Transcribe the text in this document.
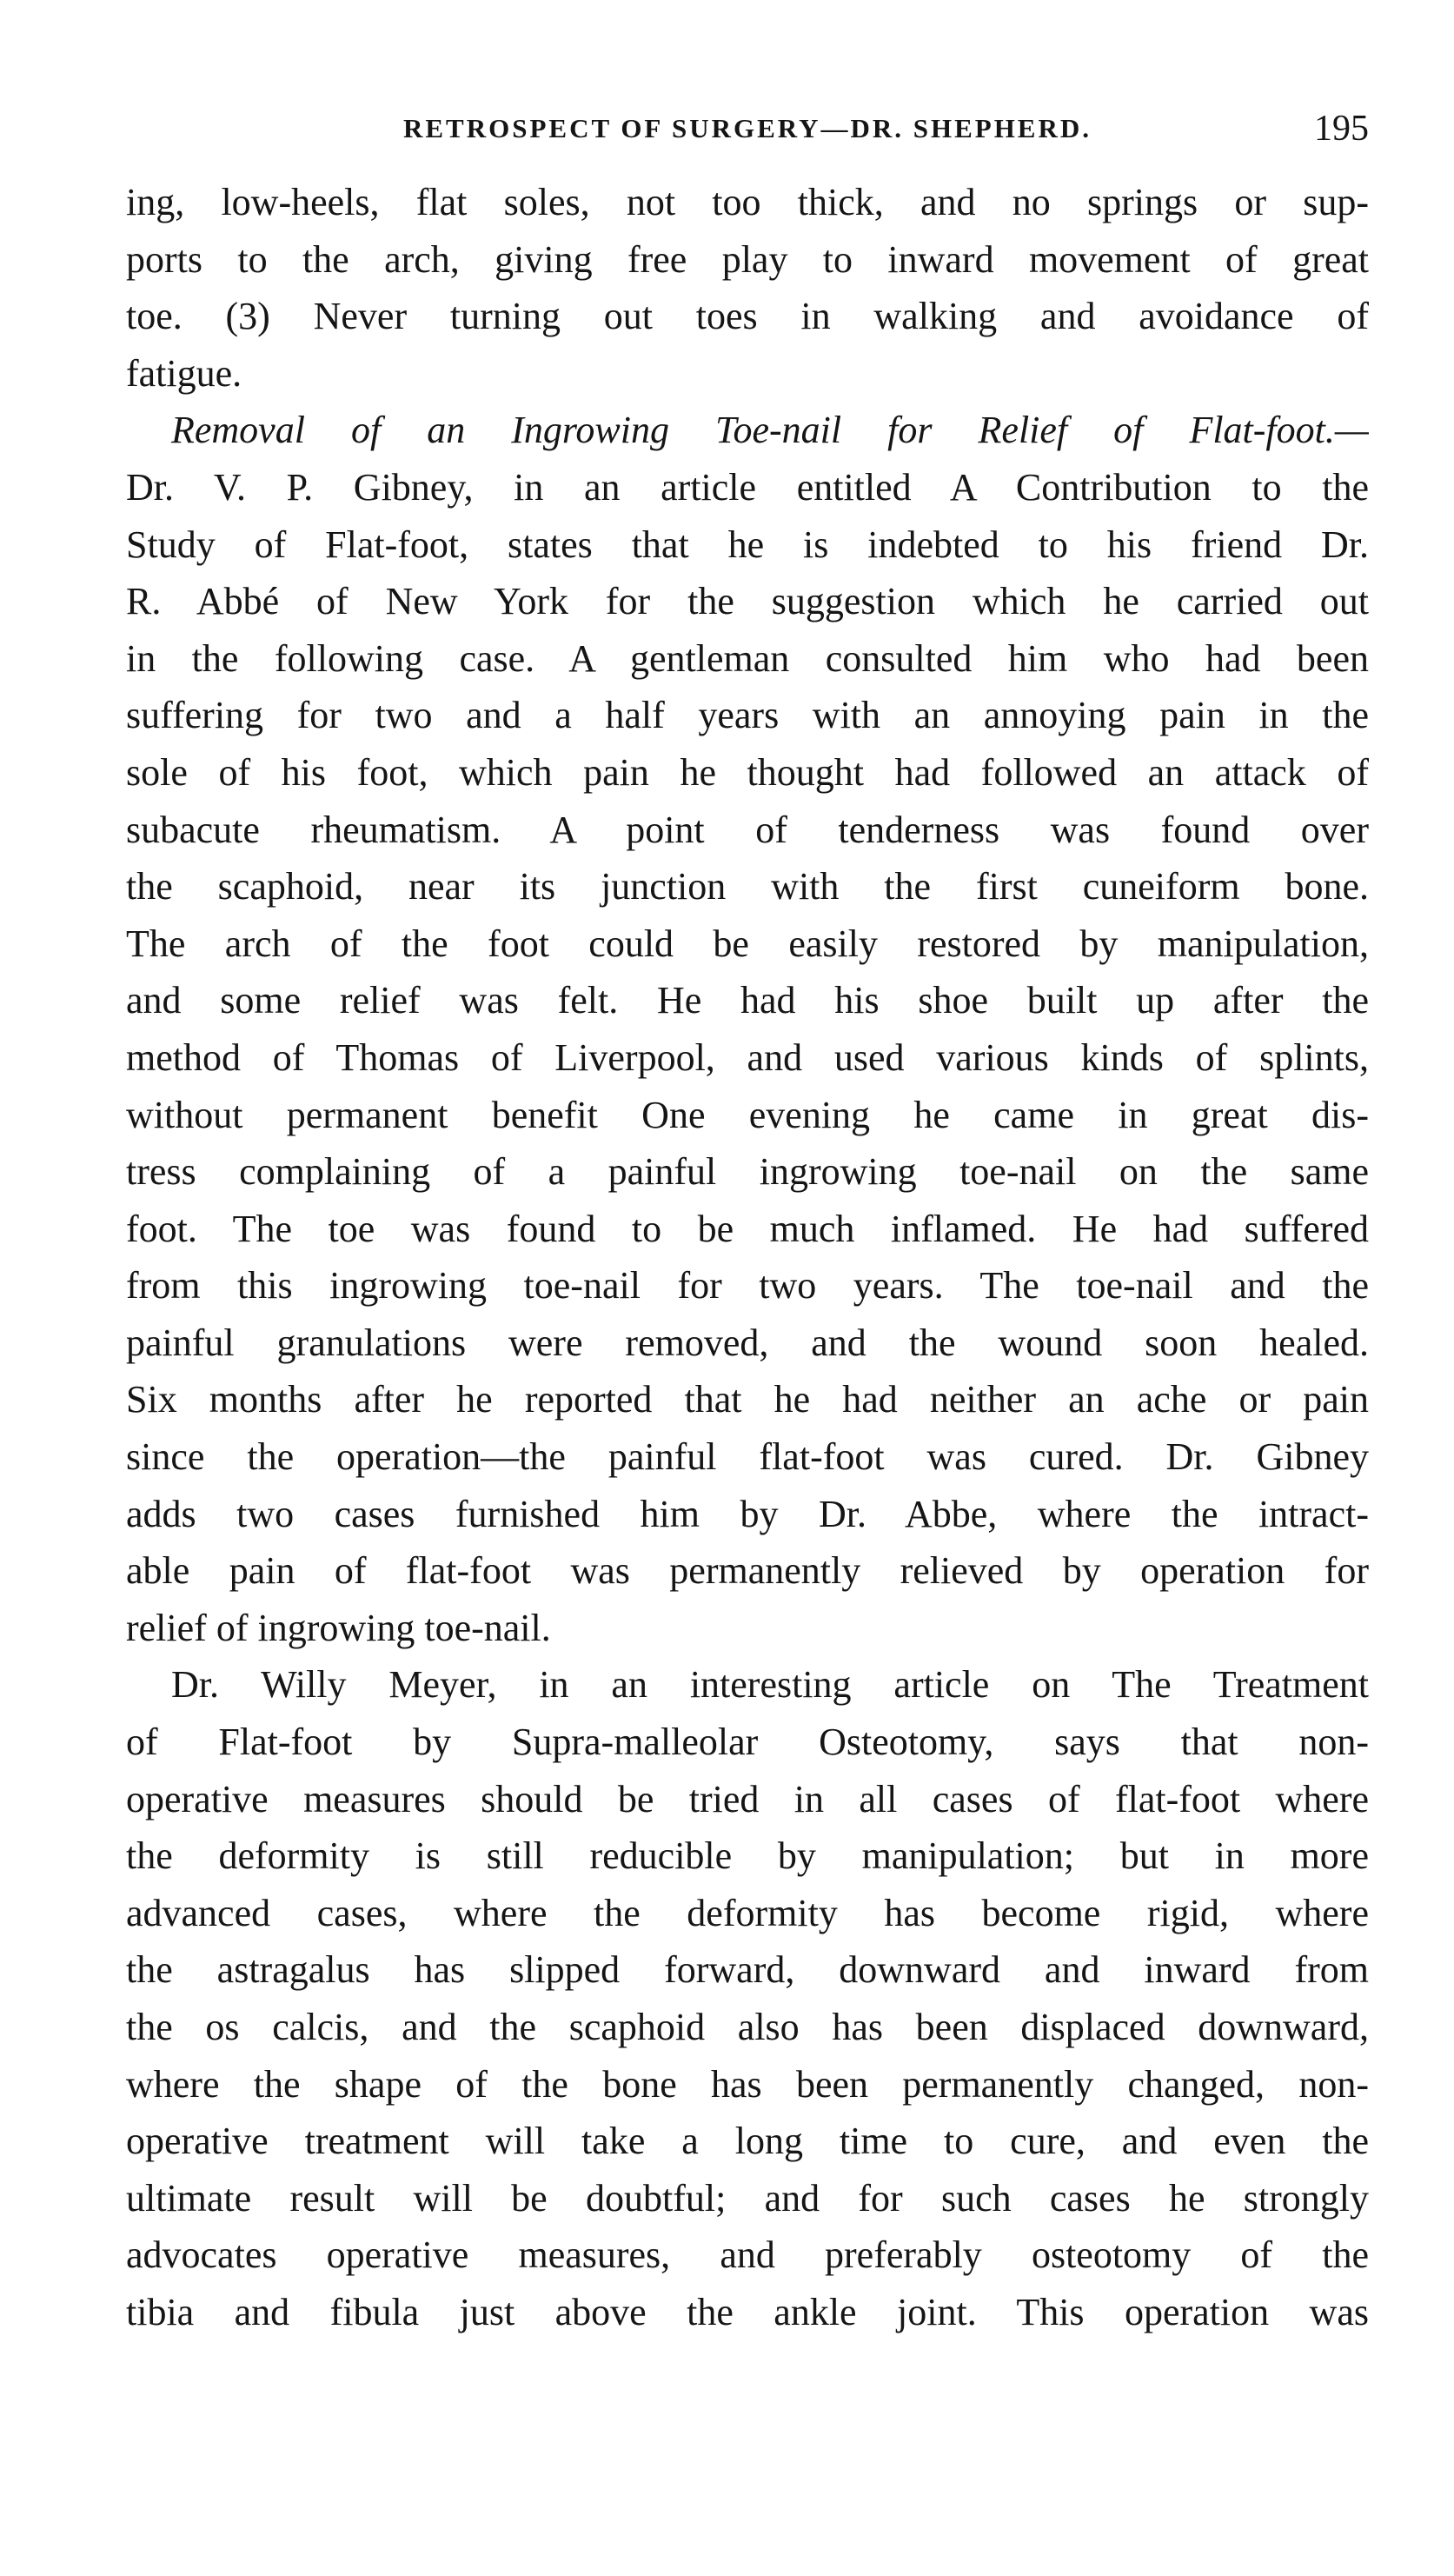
RETROSPECT OF SURGERY—DR. SHEPHERD.	195
ing, low-heels, flat soles, not too thick, and no springs or sup-
ports to the arch, giving free play to inward movement of great
toe. (3) Never turning out toes in walking and avoidance of
fatigue.
Removal of an Ingrowing Toe-nail for Relief of Flat-foot.—
Dr. V. P. Gibney, in an article entitled A Contribution to the
Study of Flat-foot, states that he is indebted to his friend Dr.
R. Abbé of New York for the suggestion which he carried out
in the following case. A gentleman consulted him who had been
suffering for two and a half years with an annoying pain in the
sole of his foot, which pain he thought had followed an attack of
subacute rheumatism. A point of tenderness was found over
the scaphoid, near its junction with the first cuneiform bone.
The arch of the foot could be easily restored by manipulation,
and some relief was felt. He had his shoe built up after the
method of Thomas of Liverpool, and used various kinds of splints,
without permanent benefit One evening he came in great dis-
tress complaining of a painful ingrowing toe-nail on the same
foot. The toe was found to be much inflamed. He had suffered
from this ingrowing toe-nail for two years. The toe-nail and the
painful granulations were removed, and the wound soon healed.
Six months after he reported that he had neither an ache or pain
since the operation—the painful flat-foot was cured. Dr. Gibney
adds two cases furnished him by Dr. Abbe, where the intract-
able pain of flat-foot was permanently relieved by operation for
relief of ingrowing toe-nail.
Dr. Willy Meyer, in an interesting article on The Treatment
of Flat-foot by Supra-malleolar Osteotomy, says that non-
operative measures should be tried in all cases of flat-foot where
the deformity is still reducible by manipulation; but in more
advanced cases, where the deformity has become rigid, where
the astragalus has slipped forward, downward and inward from
the os calcis, and the scaphoid also has been displaced downward,
where the shape of the bone has been permanently changed, non-
operative treatment will take a long time to cure, and even the
ultimate result will be doubtful; and for such cases he strongly
advocates operative measures, and preferably osteotomy of the
tibia and fibula just above the ankle joint. This operation was
